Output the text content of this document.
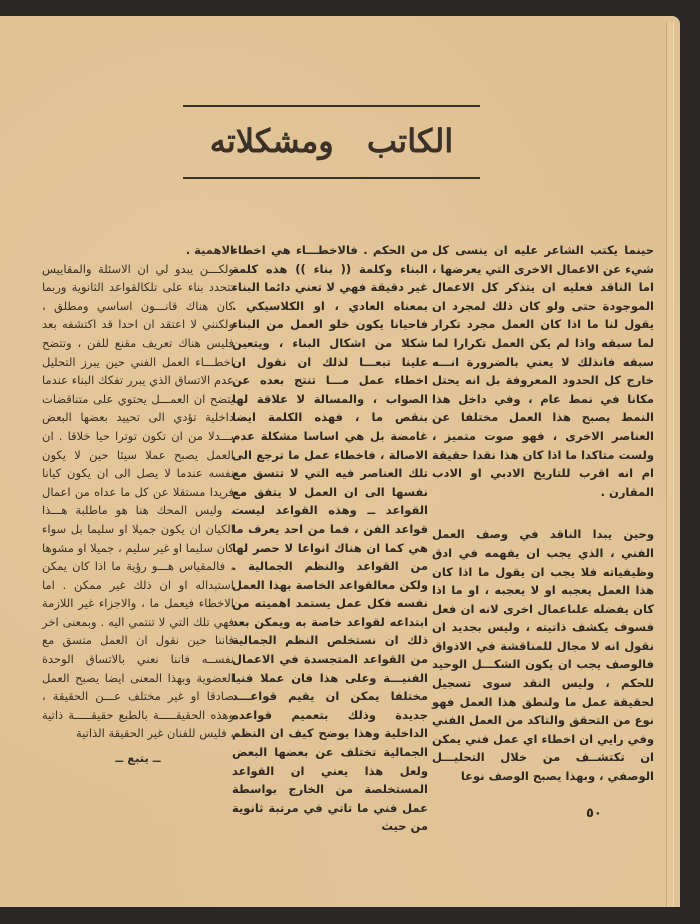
الكاتب ومشكلاته

حينما يكتب الشاعر عليه ان ينسى كل شيء عن الاعمال الاخرى التي يعرضها ، اما الناقد فعليه ان يتذكر كل الاعمال الموجودة حتى ولو كان ذلك لمجرد ان يقول لنا ما اذا كان العمل مجرد تكرار لما سبقه واذا لم يكن العمل تكرارا لما سبقه فانذلك لا يعني بالضرورة انـــه خارج كل الحدود المعروفة بل انه يحتل مكانا في نمط عام ، وفي داخل هذا النمط يصبح هذا العمل مختلفا عن العناصر الاخرى ، فهو صوت متميز ، ولست متاكدا ما اذا كان هذا نقدا حقيقة ام انه اقرب للتاريخ الادبي او الادب المقارن .

وحين يبدا الناقد في وصف العمل الفني ، الذي يجب ان يفهمه في ادق وظيفياته فلا يجب ان يقول ما اذا كان هذا العمل يعجبه او لا يعجبه ، او ما اذا كان يفضله علىاعمال اخرى لانه ان فعل فسوف يكشف ذاتيته ، وليس بجديد ان نقول انه لا مجال للمناقشة في الاذواق فالوصف يجب ان يكون الشكـــل الوحيد للحكم ، وليس النقد سوى تسجيل لحقيقة عمل ما ولنطق هذا العمل فهو نوع من التحقق والتاكد من العمل الفني وفي رايي ان اخطاء اي عمل فني يمكن ان تكتشــف من خلال التحليـــل الوصفي ، وبهذا يصبح الوصف نوعا

من الحكم . فالاخطـــاء هي اخطاء البناء وكلمة (( بناء )) هذه كلمة غير دقيقة فهي لا تعني دائما البناء بمعناه العادي ، او الكلاسيكي . فاحيانا يكون خلو العمل من البناء شكلا من اشكال البناء ، ويتعين علينا تبعـــا لذلك ان نقول ان اخطاء عمل مـــا تنتج بعده عن الصواب ، والمسالة لا علاقة لها بنقص ما ، فهذه الكلمة ايضا غامضة بل هي اساسا مشكلة عدم الاصالة ، فاخطاء عمل ما ترجع الى تلك العناصر فيه التي لا تتسق مع نفسها الى ان العمل لا يتفق مع القواعد ــ وهذه القواعد ليست قواعد الفن ، فما من احد يعرف ما هي كما ان هناك انواعا لا حصر لها من القواعد والنظم الجمالية . ولكن معالقواعد الخاصة بهذا العمل نفسه فكل عمل يستمد اهميته من ابتداعه لقواعد خاصة به ويمكن بعد ذلك ان نستخلص النظم الجمالية من القواعد المتجسدة في الاعمال الفنيـــة وعلى هذا فان عملا فنيا مختلفا يمكن ان يقيم قواعـــد جديدة وذلك بتعميم قواعده الداخلية وهذا يوضح كيف ان النظم الجمالية تختلف عن بعضها البعض ولعل هذا يعني ان القواعد المستخلصة من الخارج بواسطة عمل فني ما تاتي في مرتبة ثانوية من حيث

الاهمية .

ولكـــن يبدو لي ان الاسئلة والمقاييس تتحدد بناء على تلكالقواعد الثانوية وربما كان هناك قانـــون اساسي ومطلق ، ولكنني لا اعتقد ان احدا قد اكتشفه بعد فليس هناك تعريف مقنع للفن ، وتتضح اخطـــاء العمل الفني حين يبرز التحليل عدم الاتساق الذي يبرر تفكك البناء عندما يتضح ان العمـــل يحتوي على متناقضات داخلية تؤدي الى تحييد بعضها البعض بـــدلا من ان تكون توترا حيا خلاقا . ان العمل يصبح عملا سيئا حين لا يكون نفسه عندما لا يصل الى ان يكون كيانا فريدا مستقلا عن كل ما عداه من اعمال . وليس المحك هنا هو ماطلبة هـــذا الكيان ان يكون جميلا او سليما بل سواء كان سليما او غير سليم ، جميلا او مشوها ، فالمقياس هـــو رؤية ما اذا كان يمكن استبداله او ان ذلك غير ممكن . اما الاخطاء فيعمل ما ، والاجزاء غير اللازمة فهي تلك التي لا تنتمي اليه . وبمعنى اخر فاننا حين نقول ان العمل متسق مع نفســه فاننا نعني بالاتساق الوحدة العضوية وبهذا المعنى ايضا يصبح العمل صادقا او غير مختلف عـــن الحقيقة ، وهذه الحقيقـــــة بالطبع حقيقـــــة ذاتية ، فليس للفنان غير الحقيقة الذاتية

ــ يتبع ــ

٥٠
